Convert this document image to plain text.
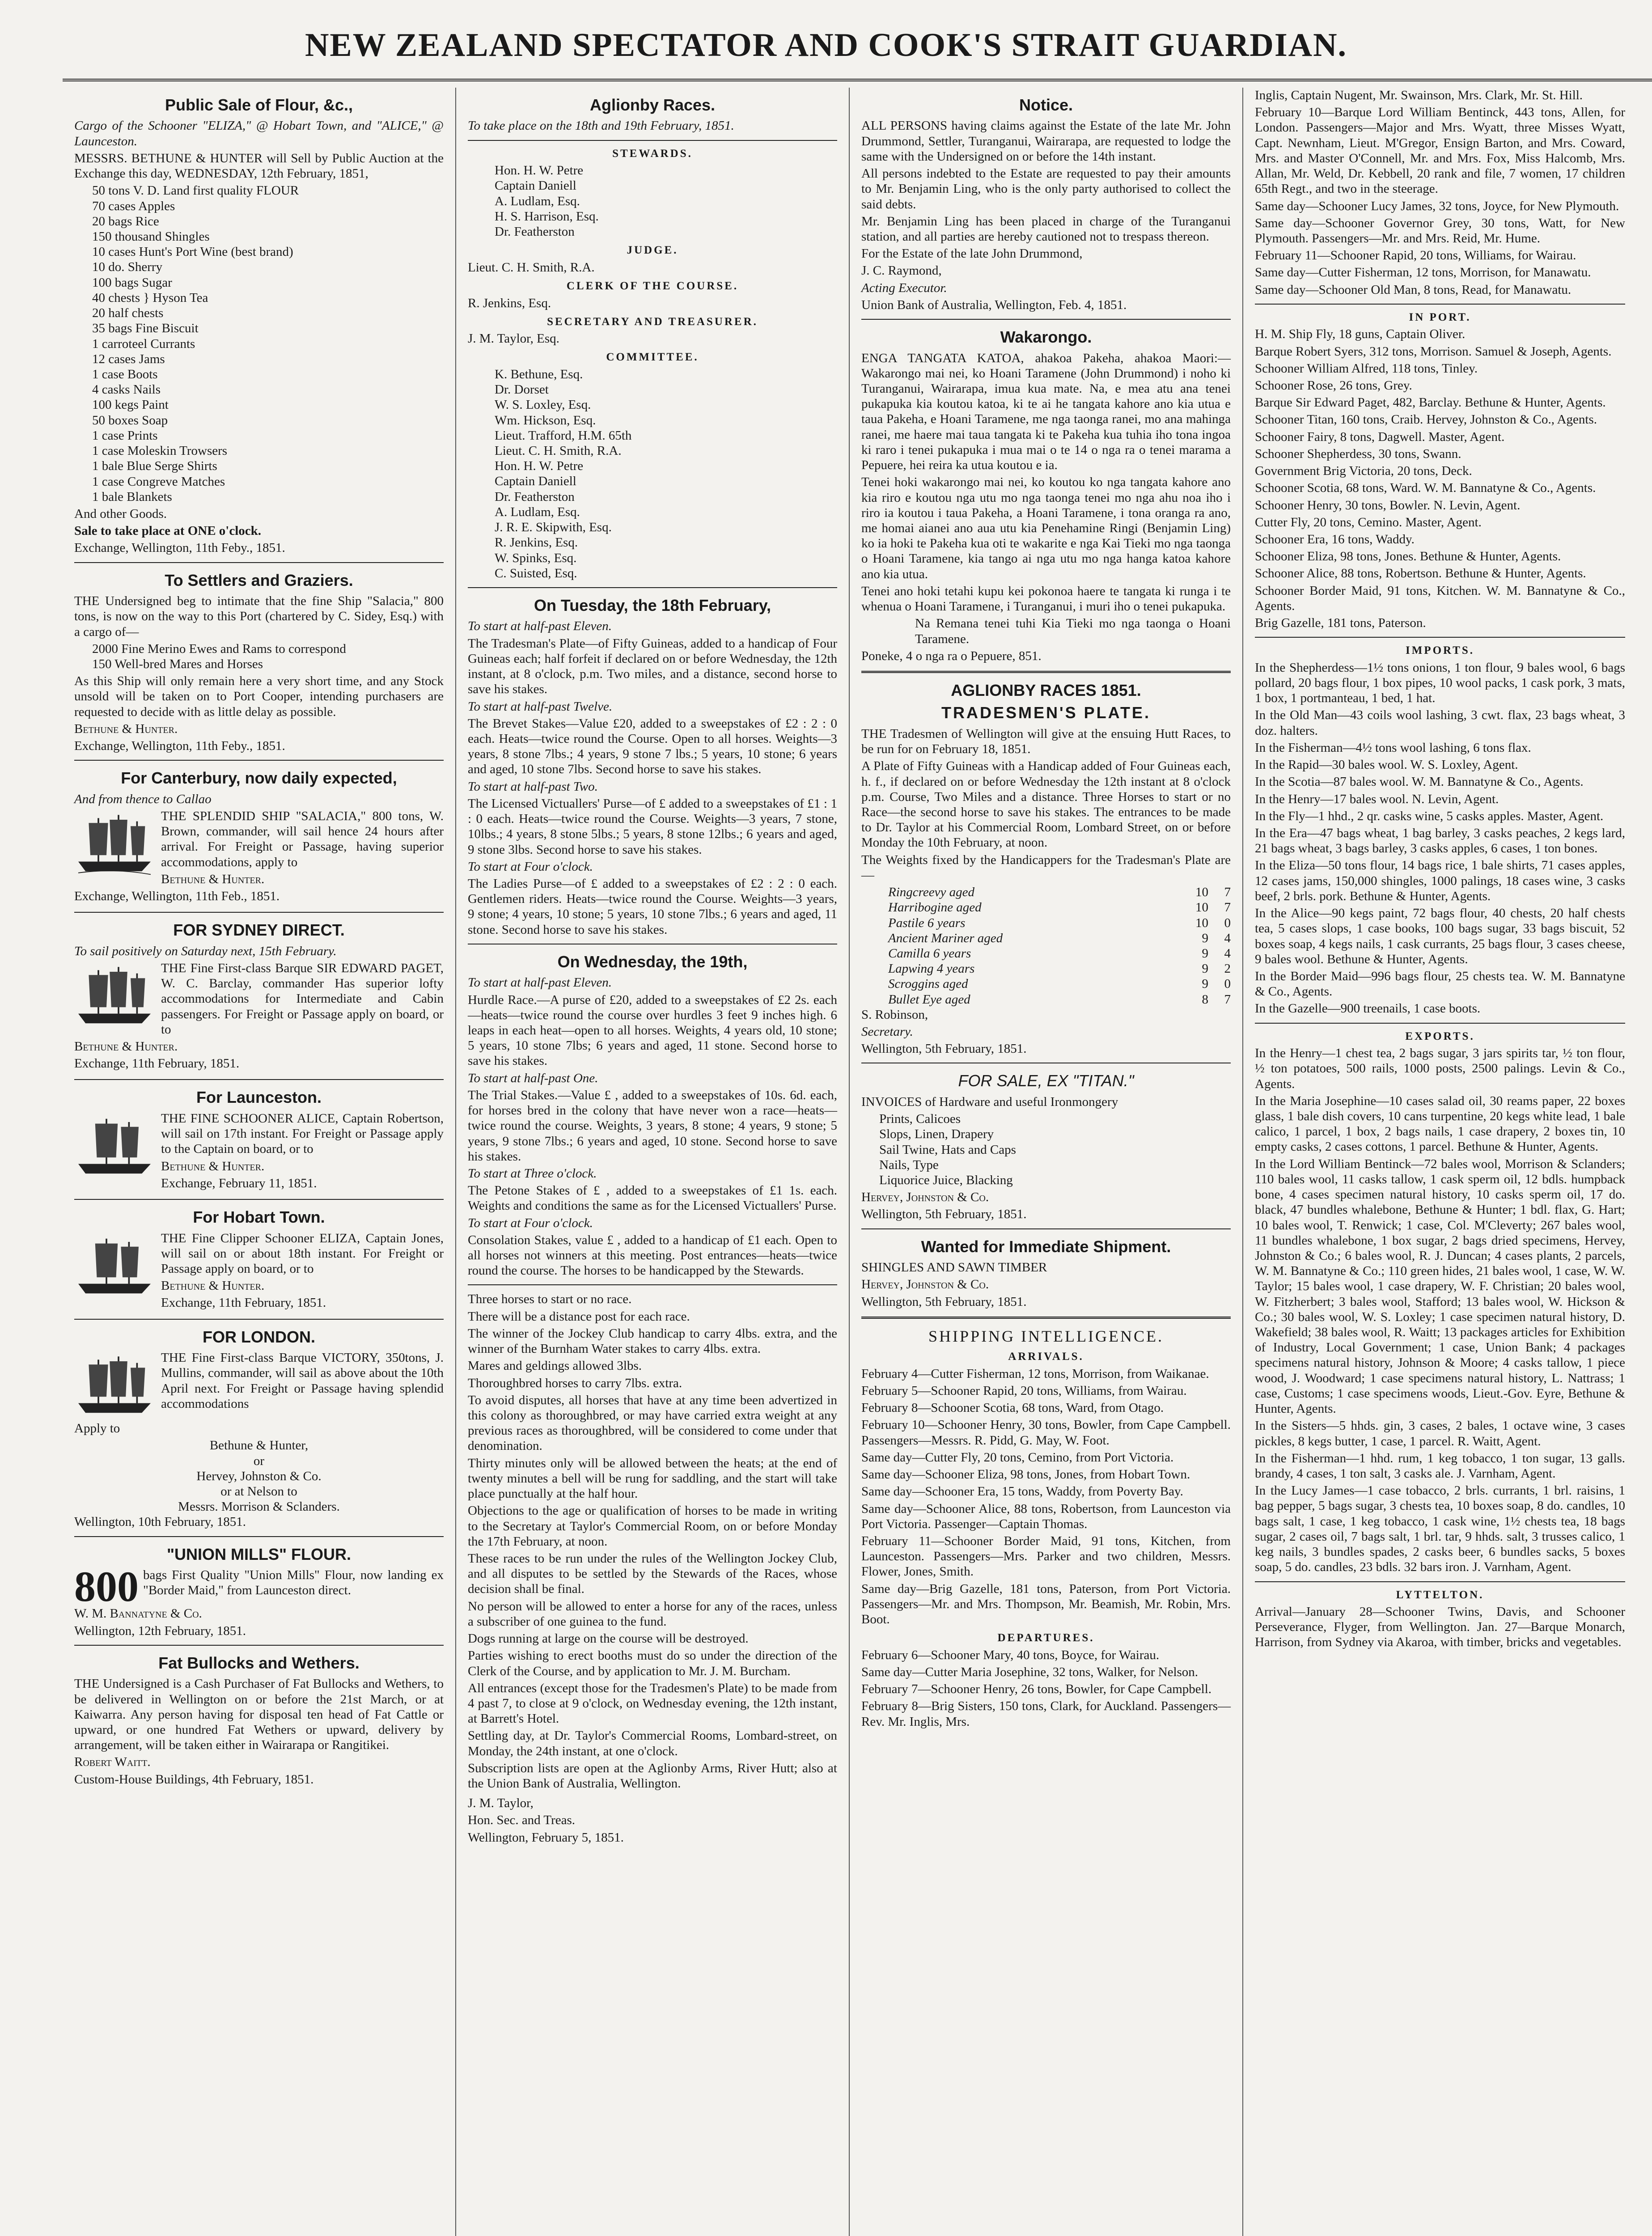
NEW ZEALAND SPECTATOR AND COOK'S STRAIT GUARDIAN.
Public Sale of Flour, &c.,

Cargo of the Schooner "ELIZA," @ Hobart Town, and "ALICE," @ Launceston.

MESSRS. BETHUNE & HUNTER will Sell by Public Auction at the Exchange this day, WEDNESDAY, 12th February, 1851,

50 tons V. D. Land first quality FLOUR
70 cases Apples
20 bags Rice
150 thousand Shingles
10 cases Hunt's Port Wine (best brand)
10 do. Sherry
100 bags Sugar
40 chests } Hyson Tea
20 half chests
35 bags Fine Biscuit
1 carroteel Currants
12 cases Jams
1 case Boots
4 casks Nails
100 kegs Paint
50 boxes Soap
1 case Prints
1 case Moleskin Trowsers
1 bale Blue Serge Shirts
1 case Congreve Matches
1 bale Blankets

And other Goods.

Sale to take place at ONE o'clock.

Exchange, Wellington, 11th Feby., 1851.

To Settlers and Graziers.

THE Undersigned beg to intimate that the fine Ship "Salacia," 800 tons, is now on the way to this Port (chartered by C. Sidey, Esq.) with a cargo of—

2000 Fine Merino Ewes and Rams to correspond
150 Well-bred Mares and Horses

As this Ship will only remain here a very short time, and any Stock unsold will be taken on to Port Cooper, intending purchasers are requested to decide with as little delay as possible.

Bethune & Hunter.

Exchange, Wellington, 11th Feby., 1851.

For Canterbury, now daily expected,

And from thence to Callao

THE SPLENDID SHIP "SALACIA," 800 tons, W. Brown, commander, will sail hence 24 hours after arrival. For Freight or Passage, having superior accommodations, apply to

Bethune & Hunter.

Exchange, Wellington, 11th Feb., 1851.

FOR SYDNEY DIRECT.

To sail positively on Saturday next, 15th February.

THE Fine First-class Barque SIR EDWARD PAGET, W. C. Barclay, commander Has superior lofty accommodations for Intermediate and Cabin passengers. For Freight or Passage apply on board, or to

Bethune & Hunter.

Exchange, 11th February, 1851.

For Launceston.

THE FINE SCHOONER ALICE, Captain Robertson, will sail on 17th instant. For Freight or Passage apply to the Captain on board, or to

Bethune & Hunter.

Exchange, February 11, 1851.

For Hobart Town.

THE Fine Clipper Schooner ELIZA, Captain Jones, will sail on or about 18th instant. For Freight or Passage apply on board, or to

Bethune & Hunter.

Exchange, 11th February, 1851.

FOR LONDON.

THE Fine First-class Barque VICTORY, 350tons, J. Mullins, commander, will sail as above about the 10th April next. For Freight or Passage having splendid accommodations

Apply to

Bethune & Hunter,
or
Hervey, Johnston & Co.
or at Nelson to
Messrs. Morrison & Sclanders.

Wellington, 10th February, 1851.

"UNION MILLS" FLOUR.
800 bags First Quality "Union Mills" Flour, now landing ex "Border Maid," from Launceston direct.

W. M. Bannatyne & Co.

Wellington, 12th February, 1851.

Fat Bullocks and Wethers.

THE Undersigned is a Cash Purchaser of Fat Bullocks and Wethers, to be delivered in Wellington on or before the 21st March, or at Kaiwarra. Any person having for disposal ten head of Fat Cattle or upward, or one hundred Fat Wethers or upward, delivery by arrangement, will be taken either in Wairarapa or Rangitikei.

Robert Waitt.

Custom-House Buildings, 4th February, 1851.

Aglionby Races.

To take place on the 18th and 19th February, 1851.

STEWARDS.
Hon. H. W. Petre
Captain Daniell
A. Ludlam, Esq.
H. S. Harrison, Esq.
Dr. Featherston
JUDGE.

Lieut. C. H. Smith, R.A.

CLERK OF THE COURSE.

R. Jenkins, Esq.

SECRETARY AND TREASURER.

J. M. Taylor, Esq.

COMMITTEE.
K. Bethune, Esq.
Dr. Dorset
W. S. Loxley, Esq.
Wm. Hickson, Esq.
Lieut. Trafford, H.M. 65th
Lieut. C. H. Smith, R.A.
Hon. H. W. Petre
Captain Daniell
Dr. Featherston
A. Ludlam, Esq.
J. R. E. Skipwith, Esq.
R. Jenkins, Esq.
W. Spinks, Esq.
C. Suisted, Esq.
On Tuesday, the 18th February,

To start at half-past Eleven.

The Tradesman's Plate—of Fifty Guineas, added to a handicap of Four Guineas each; half forfeit if declared on or before Wednesday, the 12th instant, at 8 o'clock, p.m. Two miles, and a distance, second horse to save his stakes.

To start at half-past Twelve.

The Brevet Stakes—Value £20, added to a sweepstakes of £2 : 2 : 0 each. Heats—twice round the Course. Open to all horses. Weights—3 years, 8 stone 7lbs.; 4 years, 9 stone 7 lbs.; 5 years, 10 stone; 6 years and aged, 10 stone 7lbs. Second horse to save his stakes.

To start at half-past Two.

The Licensed Victuallers' Purse—of £ added to a sweepstakes of £1 : 1 : 0 each. Heats—twice round the Course. Weights—3 years, 7 stone, 10lbs.; 4 years, 8 stone 5lbs.; 5 years, 8 stone 12lbs.; 6 years and aged, 9 stone 3lbs. Second horse to save his stakes.

To start at Four o'clock.

The Ladies Purse—of £ added to a sweepstakes of £2 : 2 : 0 each. Gentlemen riders. Heats—twice round the Course. Weights—3 years, 9 stone; 4 years, 10 stone; 5 years, 10 stone 7lbs.; 6 years and aged, 11 stone. Second horse to save his stakes.

On Wednesday, the 19th,

To start at half-past Eleven.

Hurdle Race.—A purse of £20, added to a sweepstakes of £2 2s. each—heats—twice round the course over hurdles 3 feet 9 inches high. 6 leaps in each heat—open to all horses. Weights, 4 years old, 10 stone; 5 years, 10 stone 7lbs; 6 years and aged, 11 stone. Second horse to save his stakes.

To start at half-past One.

The Trial Stakes.—Value £ , added to a sweepstakes of 10s. 6d. each, for horses bred in the colony that have never won a race—heats—twice round the course. Weights, 3 years, 8 stone; 4 years, 9 stone; 5 years, 9 stone 7lbs.; 6 years and aged, 10 stone. Second horse to save his stakes.

To start at Three o'clock.

The Petone Stakes of £ , added to a sweepstakes of £1 1s. each. Weights and conditions the same as for the Licensed Victuallers' Purse.

To start at Four o'clock.

Consolation Stakes, value £ , added to a handicap of £1 each. Open to all horses not winners at this meeting. Post entrances—heats—twice round the course. The horses to be handicapped by the Stewards.

Three horses to start or no race.

There will be a distance post for each race.

The winner of the Jockey Club handicap to carry 4lbs. extra, and the winner of the Burnham Water stakes to carry 4lbs. extra.

Mares and geldings allowed 3lbs.

Thoroughbred horses to carry 7lbs. extra.

To avoid disputes, all horses that have at any time been advertized in this colony as thoroughbred, or may have carried extra weight at any previous races as thoroughbred, will be considered to come under that denomination.

Thirty minutes only will be allowed between the heats; at the end of twenty minutes a bell will be rung for saddling, and the start will take place punctually at the half hour.

Objections to the age or qualification of horses to be made in writing to the Secretary at Taylor's Commercial Room, on or before Monday the 17th February, at noon.

These races to be run under the rules of the Wellington Jockey Club, and all disputes to be settled by the Stewards of the Races, whose decision shall be final.

No person will be allowed to enter a horse for any of the races, unless a subscriber of one guinea to the fund.

Dogs running at large on the course will be destroyed.

Parties wishing to erect booths must do so under the direction of the Clerk of the Course, and by application to Mr. J. M. Burcham.

All entrances (except those for the Tradesmen's Plate) to be made from 4 past 7, to close at 9 o'clock, on Wednesday evening, the 12th instant, at Barrett's Hotel.

Settling day, at Dr. Taylor's Commercial Rooms, Lombard-street, on Monday, the 24th instant, at one o'clock.

Subscription lists are open at the Aglionby Arms, River Hutt; also at the Union Bank of Australia, Wellington.

J. M. Taylor,

Hon. Sec. and Treas.

Wellington, February 5, 1851.

Notice.

ALL PERSONS having claims against the Estate of the late Mr. John Drummond, Settler, Turanganui, Wairarapa, are requested to lodge the same with the Undersigned on or before the 14th instant.

All persons indebted to the Estate are requested to pay their amounts to Mr. Benjamin Ling, who is the only party authorised to collect the said debts.

Mr. Benjamin Ling has been placed in charge of the Turanganui station, and all parties are hereby cautioned not to trespass thereon.

For the Estate of the late John Drummond,

J. C. Raymond,

Acting Executor.

Union Bank of Australia, Wellington, Feb. 4, 1851.

Wakarongo.

ENGA TANGATA KATOA, ahakoa Pakeha, ahakoa Maori:—Wakarongo mai nei, ko Hoani Taramene (John Drummond) i noho ki Turanganui, Wairarapa, imua kua mate. Na, e mea atu ana tenei pukapuka kia koutou katoa, ki te ai he tangata kahore ano kia utua e taua Pakeha, e Hoani Taramene, me nga taonga ranei, mo ana mahinga ranei, me haere mai taua tangata ki te Pakeha kua tuhia iho tona ingoa ki raro i tenei pukapuka i mua mai o te 14 o nga ra o tenei marama a Pepuere, hei reira ka utua koutou e ia.

Tenei hoki wakarongo mai nei, ko koutou ko nga tangata kahore ano kia riro e koutou nga utu mo nga taonga tenei mo nga ahu noa iho i riro ia koutou i taua Pakeha, a Hoani Taramene, i tona oranga ra ano, me homai aianei ano aua utu kia Penehamine Ringi (Benjamin Ling) ko ia hoki te Pakeha kua oti te wakarite e nga Kai Tieki mo nga taonga o Hoani Taramene, kia tango ai nga utu mo nga hanga katoa kahore ano kia utua.

Tenei ano hoki tetahi kupu kei pokonoa haere te tangata ki runga i te whenua o Hoani Taramene, i Turanganui, i muri iho o tenei pukapuka.

Na Remana tenei tuhi Kia Tieki mo nga taonga o Hoani Taramene.

Poneke, 4 o nga ra o Pepuere, 851.

AGLIONBY RACES 1851.
TRADESMEN'S PLATE.

THE Tradesmen of Wellington will give at the ensuing Hutt Races, to be run for on February 18, 1851.

A Plate of Fifty Guineas with a Handicap added of Four Guineas each, h. f., if declared on or before Wednesday the 12th instant at 8 o'clock p.m. Course, Two Miles and a distance. Three Horses to start or no Race—the second horse to save his stakes. The entrances to be made to Dr. Taylor at his Commercial Room, Lombard Street, on or before Monday the 10th February, at noon.

The Weights fixed by the Handicappers for the Tradesman's Plate are—

Ringcreevy aged	10 7
Harribogine aged	10 7
Pastile 6 years	10 0
Ancient Mariner aged	9 4
Camilla 6 years	9 4
Lapwing 4 years	9 2
Scroggins aged	9 0
Bullet Eye aged	8 7

S. Robinson,

Secretary.

Wellington, 5th February, 1851.

FOR SALE, EX "TITAN."

INVOICES of Hardware and useful Ironmongery

Prints, Calicoes
Slops, Linen, Drapery
Sail Twine, Hats and Caps
Nails, Type
Liquorice Juice, Blacking

Hervey, Johnston & Co.

Wellington, 5th February, 1851.

Wanted for Immediate Shipment.

SHINGLES AND SAWN TIMBER

Hervey, Johnston & Co.

Wellington, 5th February, 1851.

SHIPPING INTELLIGENCE.
ARRIVALS.

February 4—Cutter Fisherman, 12 tons, Morrison, from Waikanae.

February 5—Schooner Rapid, 20 tons, Williams, from Wairau.

February 8—Schooner Scotia, 68 tons, Ward, from Otago.

February 10—Schooner Henry, 30 tons, Bowler, from Cape Campbell. Passengers—Messrs. R. Pidd, G. May, W. Foot.

Same day—Cutter Fly, 20 tons, Cemino, from Port Victoria.

Same day—Schooner Eliza, 98 tons, Jones, from Hobart Town.

Same day—Schooner Era, 15 tons, Waddy, from Poverty Bay.

Same day—Schooner Alice, 88 tons, Robertson, from Launceston via Port Victoria. Passenger—Captain Thomas.

February 11—Schooner Border Maid, 91 tons, Kitchen, from Launceston. Passengers—Mrs. Parker and two children, Messrs. Flower, Jones, Smith.

Same day—Brig Gazelle, 181 tons, Paterson, from Port Victoria. Passengers—Mr. and Mrs. Thompson, Mr. Beamish, Mr. Robin, Mrs. Boot.

DEPARTURES.

February 6—Schooner Mary, 40 tons, Boyce, for Wairau.

Same day—Cutter Maria Josephine, 32 tons, Walker, for Nelson.

February 7—Schooner Henry, 26 tons, Bowler, for Cape Campbell.

February 8—Brig Sisters, 150 tons, Clark, for Auckland. Passengers—Rev. Mr. Inglis, Mrs.

Inglis, Captain Nugent, Mr. Swainson, Mrs. Clark, Mr. St. Hill.

February 10—Barque Lord William Bentinck, 443 tons, Allen, for London. Passengers—Major and Mrs. Wyatt, three Misses Wyatt, Capt. Newnham, Lieut. M'Gregor, Ensign Barton, and Mrs. Coward, Mrs. and Master O'Connell, Mr. and Mrs. Fox, Miss Halcomb, Mrs. Allan, Mr. Weld, Dr. Kebbell, 20 rank and file, 7 women, 17 children 65th Regt., and two in the steerage.

Same day—Schooner Lucy James, 32 tons, Joyce, for New Plymouth.

Same day—Schooner Governor Grey, 30 tons, Watt, for New Plymouth. Passengers—Mr. and Mrs. Reid, Mr. Hume.

February 11—Schooner Rapid, 20 tons, Williams, for Wairau.

Same day—Cutter Fisherman, 12 tons, Morrison, for Manawatu.

Same day—Schooner Old Man, 8 tons, Read, for Manawatu.

IN PORT.

H. M. Ship Fly, 18 guns, Captain Oliver.

Barque Robert Syers, 312 tons, Morrison. Samuel & Joseph, Agents.

Schooner William Alfred, 118 tons, Tinley.

Schooner Rose, 26 tons, Grey.

Barque Sir Edward Paget, 482, Barclay. Bethune & Hunter, Agents.

Schooner Titan, 160 tons, Craib. Hervey, Johnston & Co., Agents.

Schooner Fairy, 8 tons, Dagwell. Master, Agent.

Schooner Shepherdess, 30 tons, Swann.

Government Brig Victoria, 20 tons, Deck.

Schooner Scotia, 68 tons, Ward. W. M. Bannatyne & Co., Agents.

Schooner Henry, 30 tons, Bowler. N. Levin, Agent.

Cutter Fly, 20 tons, Cemino. Master, Agent.

Schooner Era, 16 tons, Waddy.

Schooner Eliza, 98 tons, Jones. Bethune & Hunter, Agents.

Schooner Alice, 88 tons, Robertson. Bethune & Hunter, Agents.

Schooner Border Maid, 91 tons, Kitchen. W. M. Bannatyne & Co., Agents.

Brig Gazelle, 181 tons, Paterson.

IMPORTS.

In the Shepherdess—1½ tons onions, 1 ton flour, 9 bales wool, 6 bags pollard, 20 bags flour, 1 box pipes, 10 wool packs, 1 cask pork, 3 mats, 1 box, 1 portmanteau, 1 bed, 1 hat.

In the Old Man—43 coils wool lashing, 3 cwt. flax, 23 bags wheat, 3 doz. halters.

In the Fisherman—4½ tons wool lashing, 6 tons flax.

In the Rapid—30 bales wool. W. S. Loxley, Agent.

In the Scotia—87 bales wool. W. M. Bannatyne & Co., Agents.

In the Henry—17 bales wool. N. Levin, Agent.

In the Fly—1 hhd., 2 qr. casks wine, 5 casks apples. Master, Agent.

In the Era—47 bags wheat, 1 bag barley, 3 casks peaches, 2 kegs lard, 21 bags wheat, 3 bags barley, 3 casks apples, 6 cases, 1 ton bones.

In the Eliza—50 tons flour, 14 bags rice, 1 bale shirts, 71 cases apples, 12 cases jams, 150,000 shingles, 1000 palings, 18 cases wine, 3 casks beef, 2 brls. pork. Bethune & Hunter, Agents.

In the Alice—90 kegs paint, 72 bags flour, 40 chests, 20 half chests tea, 5 cases slops, 1 case books, 100 bags sugar, 33 bags biscuit, 52 boxes soap, 4 kegs nails, 1 cask currants, 25 bags flour, 3 cases cheese, 9 bales wool. Bethune & Hunter, Agents.

In the Border Maid—996 bags flour, 25 chests tea. W. M. Bannatyne & Co., Agents.

In the Gazelle—900 treenails, 1 case boots.

EXPORTS.

In the Henry—1 chest tea, 2 bags sugar, 3 jars spirits tar, ½ ton flour, ½ ton potatoes, 500 rails, 1000 posts, 2500 palings. Levin & Co., Agents.

In the Maria Josephine—10 cases salad oil, 30 reams paper, 22 boxes glass, 1 bale dish covers, 10 cans turpentine, 20 kegs white lead, 1 bale calico, 1 parcel, 1 box, 2 bags nails, 1 case drapery, 2 boxes tin, 10 empty casks, 2 cases cottons, 1 parcel. Bethune & Hunter, Agents.

In the Lord William Bentinck—72 bales wool, Morrison & Sclanders; 110 bales wool, 11 casks tallow, 1 cask sperm oil, 12 bdls. humpback bone, 4 cases specimen natural history, 10 casks sperm oil, 17 do. black, 47 bundles whalebone, Bethune & Hunter; 1 bdl. flax, G. Hart; 10 bales wool, T. Renwick; 1 case, Col. M'Cleverty; 267 bales wool, 11 bundles whalebone, 1 box sugar, 2 bags dried specimens, Hervey, Johnston & Co.; 6 bales wool, R. J. Duncan; 4 cases plants, 2 parcels, W. M. Bannatyne & Co.; 110 green hides, 21 bales wool, 1 case, W. W. Taylor; 15 bales wool, 1 case drapery, W. F. Christian; 20 bales wool, W. Fitzherbert; 3 bales wool, Stafford; 13 bales wool, W. Hickson & Co.; 30 bales wool, W. S. Loxley; 1 case specimen natural history, D. Wakefield; 38 bales wool, R. Waitt; 13 packages articles for Exhibition of Industry, Local Government; 1 case, Union Bank; 4 packages specimens natural history, Johnson & Moore; 4 casks tallow, 1 piece wood, J. Woodward; 1 case specimens natural history, L. Nattrass; 1 case, Customs; 1 case specimens woods, Lieut.-Gov. Eyre, Bethune & Hunter, Agents.

In the Sisters—5 hhds. gin, 3 cases, 2 bales, 1 octave wine, 3 cases pickles, 8 kegs butter, 1 case, 1 parcel. R. Waitt, Agent.

In the Fisherman—1 hhd. rum, 1 keg tobacco, 1 ton sugar, 13 galls. brandy, 4 cases, 1 ton salt, 3 casks ale. J. Varnham, Agent.

In the Lucy James—1 case tobacco, 2 brls. currants, 1 brl. raisins, 1 bag pepper, 5 bags sugar, 3 chests tea, 10 boxes soap, 8 do. candles, 10 bags salt, 1 case, 1 keg tobacco, 1 cask wine, 1½ chests tea, 18 bags sugar, 2 cases oil, 7 bags salt, 1 brl. tar, 9 hhds. salt, 3 trusses calico, 1 keg nails, 3 bundles spades, 2 casks beer, 6 bundles sacks, 5 boxes soap, 5 do. candles, 23 bdls. 32 bars iron. J. Varnham, Agent.

LYTTELTON.

Arrival—January 28—Schooner Twins, Davis, and Schooner Perseverance, Flyger, from Wellington. Jan. 27—Barque Monarch, Harrison, from Sydney via Akaroa, with timber, bricks and vegetables.
